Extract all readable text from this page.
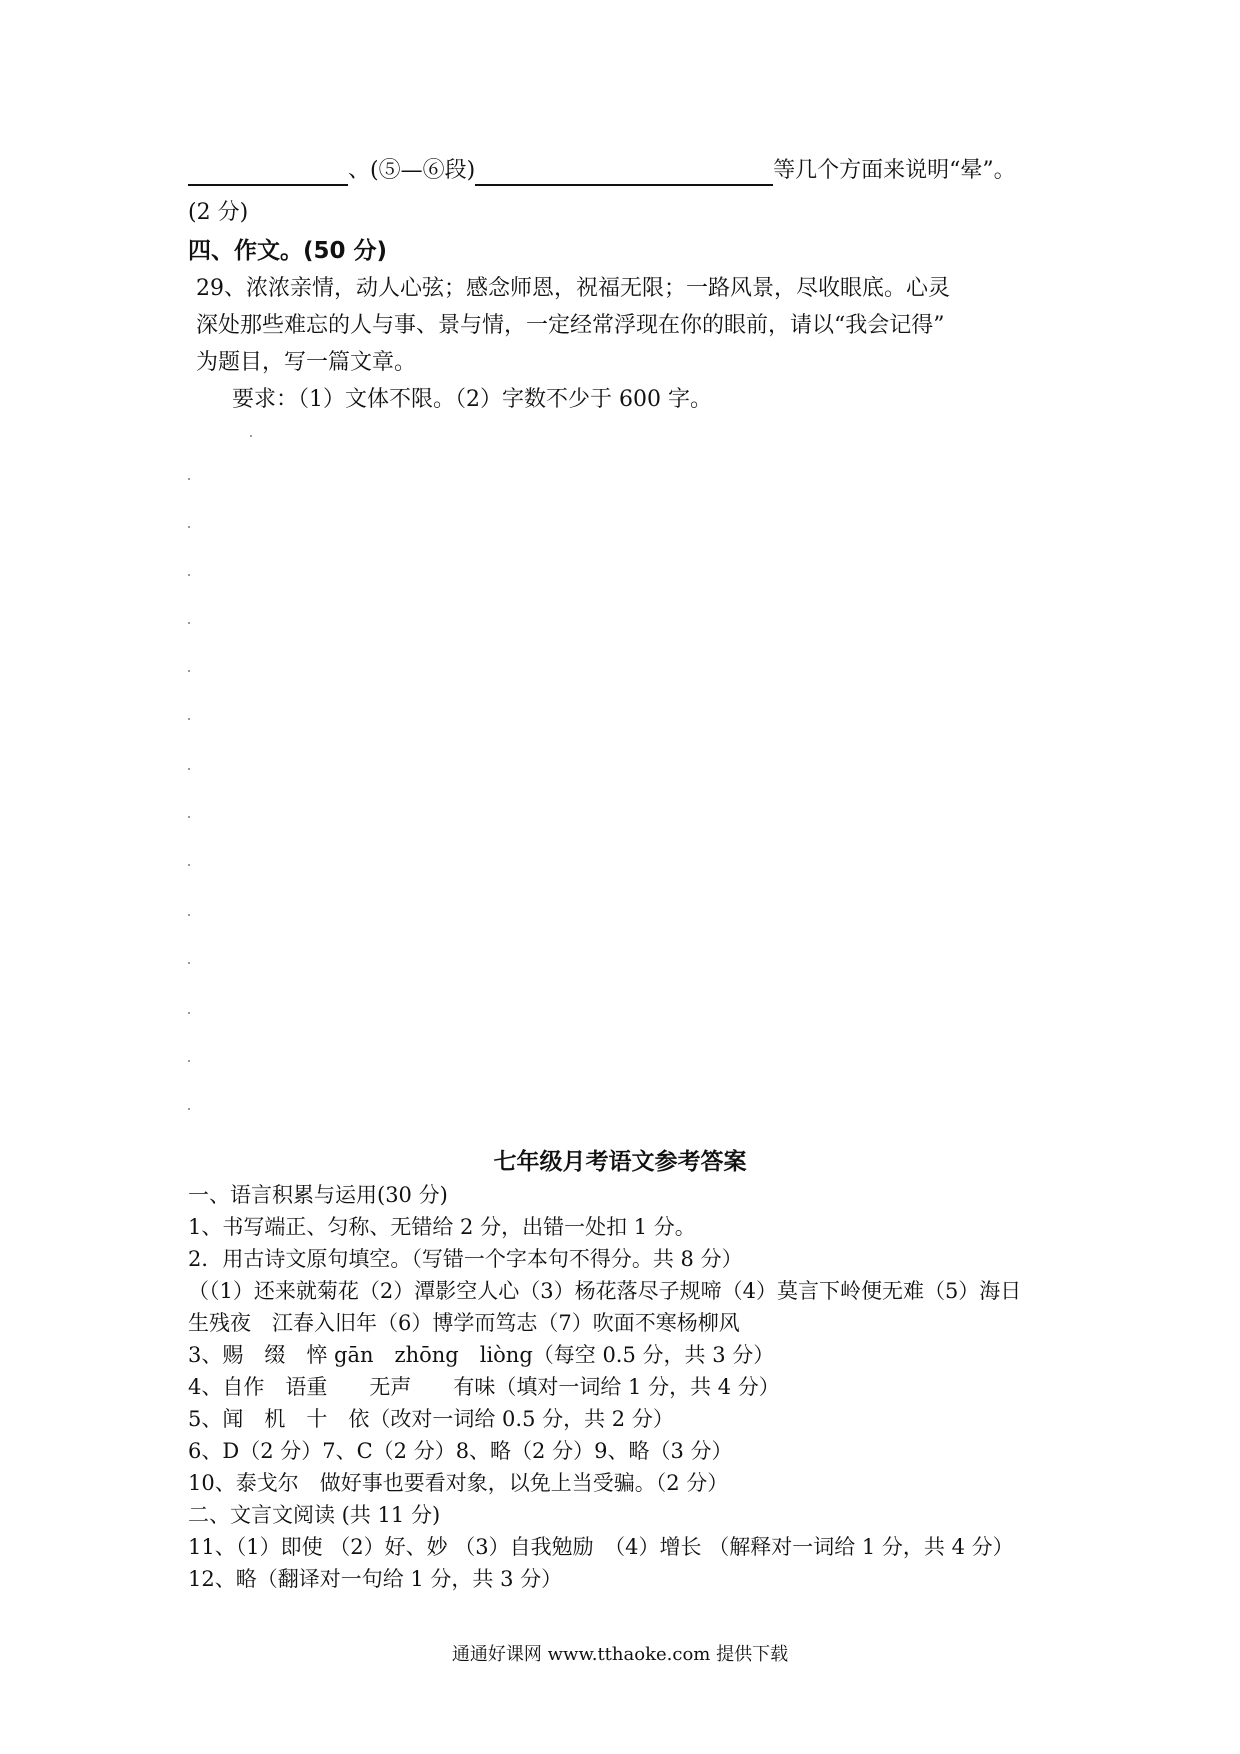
、(⑤—⑥段)	等几个方面来说明“晕”。
(2 分)
四、作文。(50 分)
29、浓浓亲情，动人心弦；感念师恩，祝福无限；一路风景，尽收眼底。心灵
深处那些难忘的人与事、景与情，一定经常浮现在你的眼前，请以“我会记得”
为题目，写一篇文章。
要求：（1）文体不限。（2）字数不少于 600 字。
七年级月考语文参考答案
一、语言积累与运用(30 分)
1、书写端正、匀称、无错给 2 分，出错一处扣 1 分。
2．用古诗文原句填空。（写错一个字本句不得分。共 8 分）
（（1）还来就菊花（2）潭影空人心（3）杨花落尽子规啼（4）莫言下岭便无难（5）海日
生残夜　江春入旧年（6）博学而笃志（7）吹面不寒杨柳风
3、赐　缀　悴 gān　zhōng　liòng（每空 0.5 分，共 3 分）
4、自作　语重　　无声　　有味（填对一词给 1 分，共 4 分）
5、闻　机　十　依（改对一词给 0.5 分，共 2 分）
6、D（2 分）7、C（2 分）8、略（2 分）9、略（3 分）
10、泰戈尔　做好事也要看对象，以免上当受骗。（2 分）
二、文言文阅读 (共 11 分)
11、（1）即使 （2）好、妙 （3）自我勉励　（4）增长 （解释对一词给 1 分，共 4 分）
12、略（翻译对一句给 1 分，共 3 分）
通通好课网 www.tthaoke.com 提供下载
